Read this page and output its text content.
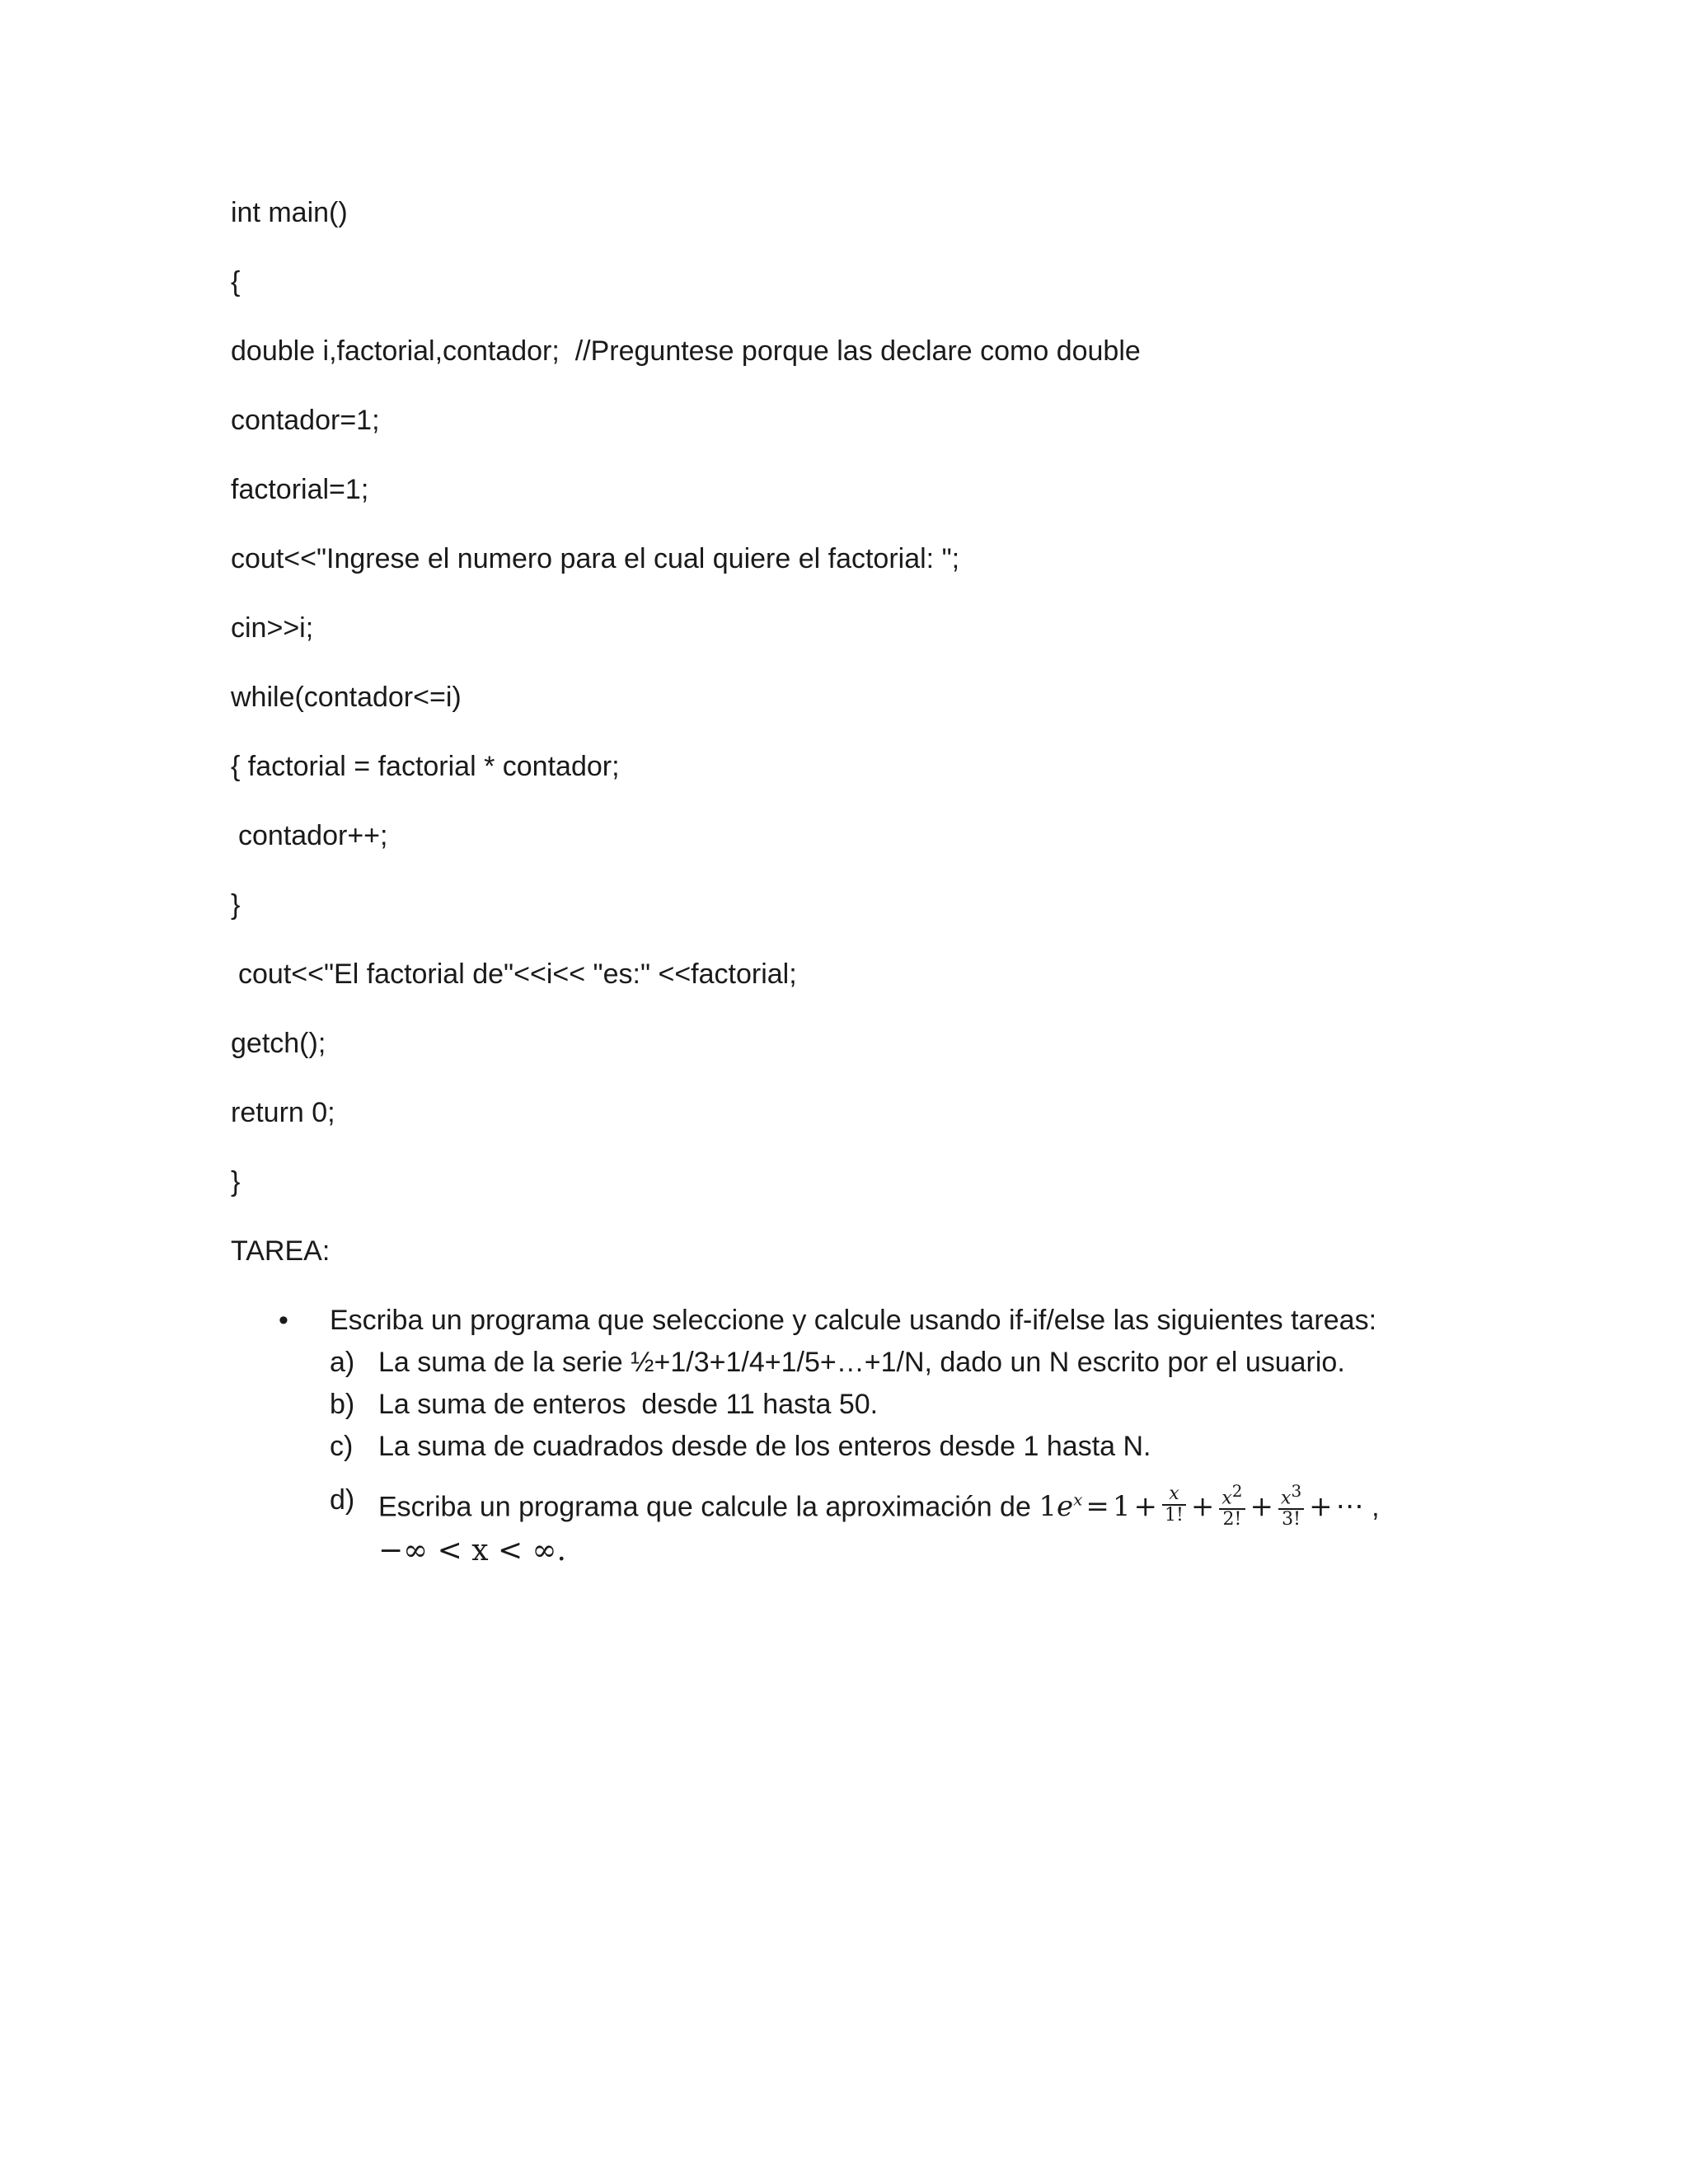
int main()
{
double i,factorial,contador;  //Preguntese porque las declare como double
contador=1;
factorial=1;
cout<<"Ingrese el numero para el cual quiere el factorial: ";
cin>>i;
while(contador<=i)
{ factorial = factorial * contador;
contador++;
}
cout<<"El factorial de"<<i<< "es:" <<factorial;
getch();
return 0;
}
TAREA:
• Escriba un programa que seleccione y calcule usando if-if/else las siguientes tareas:
a) La suma de la serie ½+1/3+1/4+1/5+…+1/N, dado un N escrito por el usuario.
b) La suma de enteros  desde 11 hasta 50.
c) La suma de cuadrados desde de los enteros desde 1 hasta N.
d) Escriba un programa que calcule la aproximación de $1e^x = 1 + \frac{x}{1!} + \frac{x2}{2!} + \frac{x3}{3!}$ + ⋯ ,
−∞ < x < ∞.
